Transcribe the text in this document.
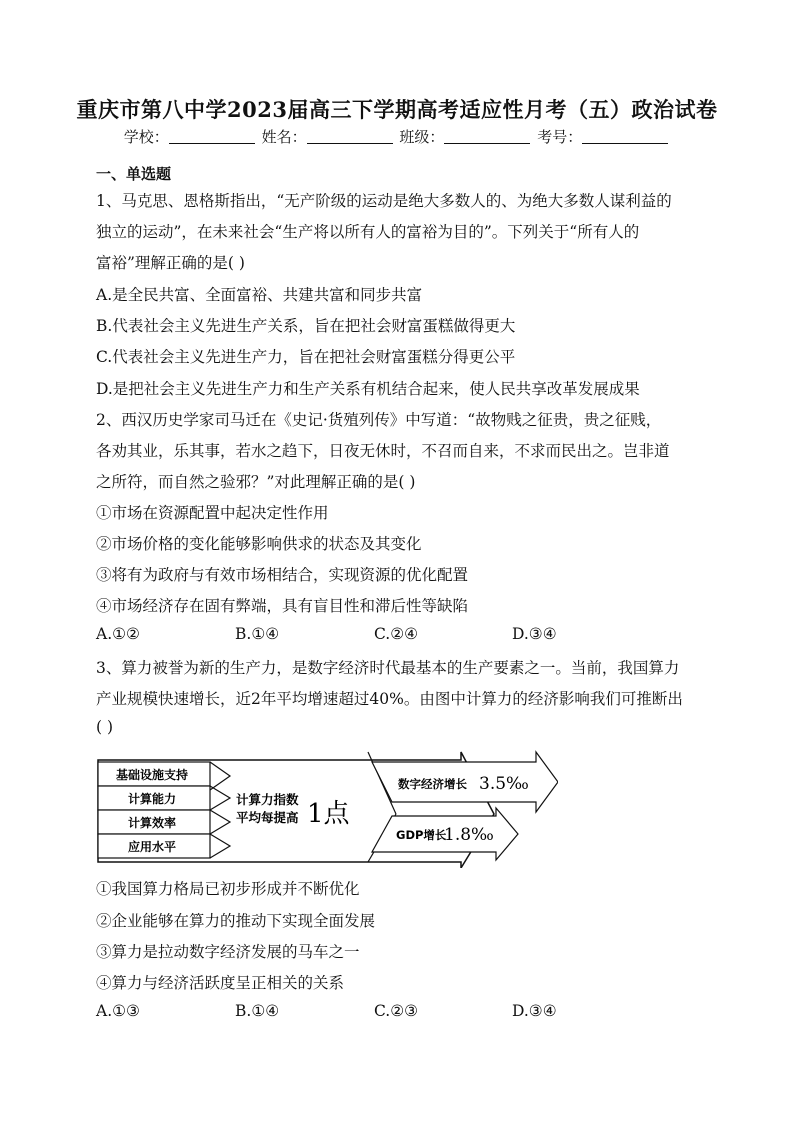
重庆市第八中学2023届高三下学期高考适应性月考（五）政治试卷
学校：	姓名：	班级：	考号：
一、单选题
1、马克思、恩格斯指出，“无产阶级的运动是绝大多数人的、为绝大多数人谋利益的
独立的运动”，在未来社会“生产将以所有人的富裕为目的”。下列关于“所有人的
富裕”理解正确的是( )
A.是全民共富、全面富裕、共建共富和同步共富
B.代表社会主义先进生产关系，旨在把社会财富蛋糕做得更大
C.代表社会主义先进生产力，旨在把社会财富蛋糕分得更公平
D.是把社会主义先进生产力和生产关系有机结合起来，使人民共享改革发展成果
2、西汉历史学家司马迁在《史记·货殖列传》中写道：“故物贱之征贵，贵之征贱，
各劝其业，乐其事，若水之趋下，日夜无休时，不召而自来，不求而民出之。岂非道
之所符，而自然之验邪？”对此理解正确的是( )
①市场在资源配置中起决定性作用
②市场价格的变化能够影响供求的状态及其变化
③将有为政府与有效市场相结合，实现资源的优化配置
④市场经济存在固有弊端，具有盲目性和滞后性等缺陷
A.①②	B.①④	C.②④	D.③④
3、算力被誉为新的生产力，是数字经济时代最基本的生产要素之一。当前，我国算力
产业规模快速增长，近2年平均增速超过40%。由图中计算力的经济影响我们可推断出
( )
基础设施支持
计算能力
计算效率
应用水平
计算力指数
平均每提高 1点
数字经济增长 3.5‰
GDP增长
1.8‰
①我国算力格局已初步形成并不断优化
②企业能够在算力的推动下实现全面发展
③算力是拉动数字经济发展的马车之一
④算力与经济活跃度呈正相关的关系
A.①③	B.①④	C.②③	D.③④
